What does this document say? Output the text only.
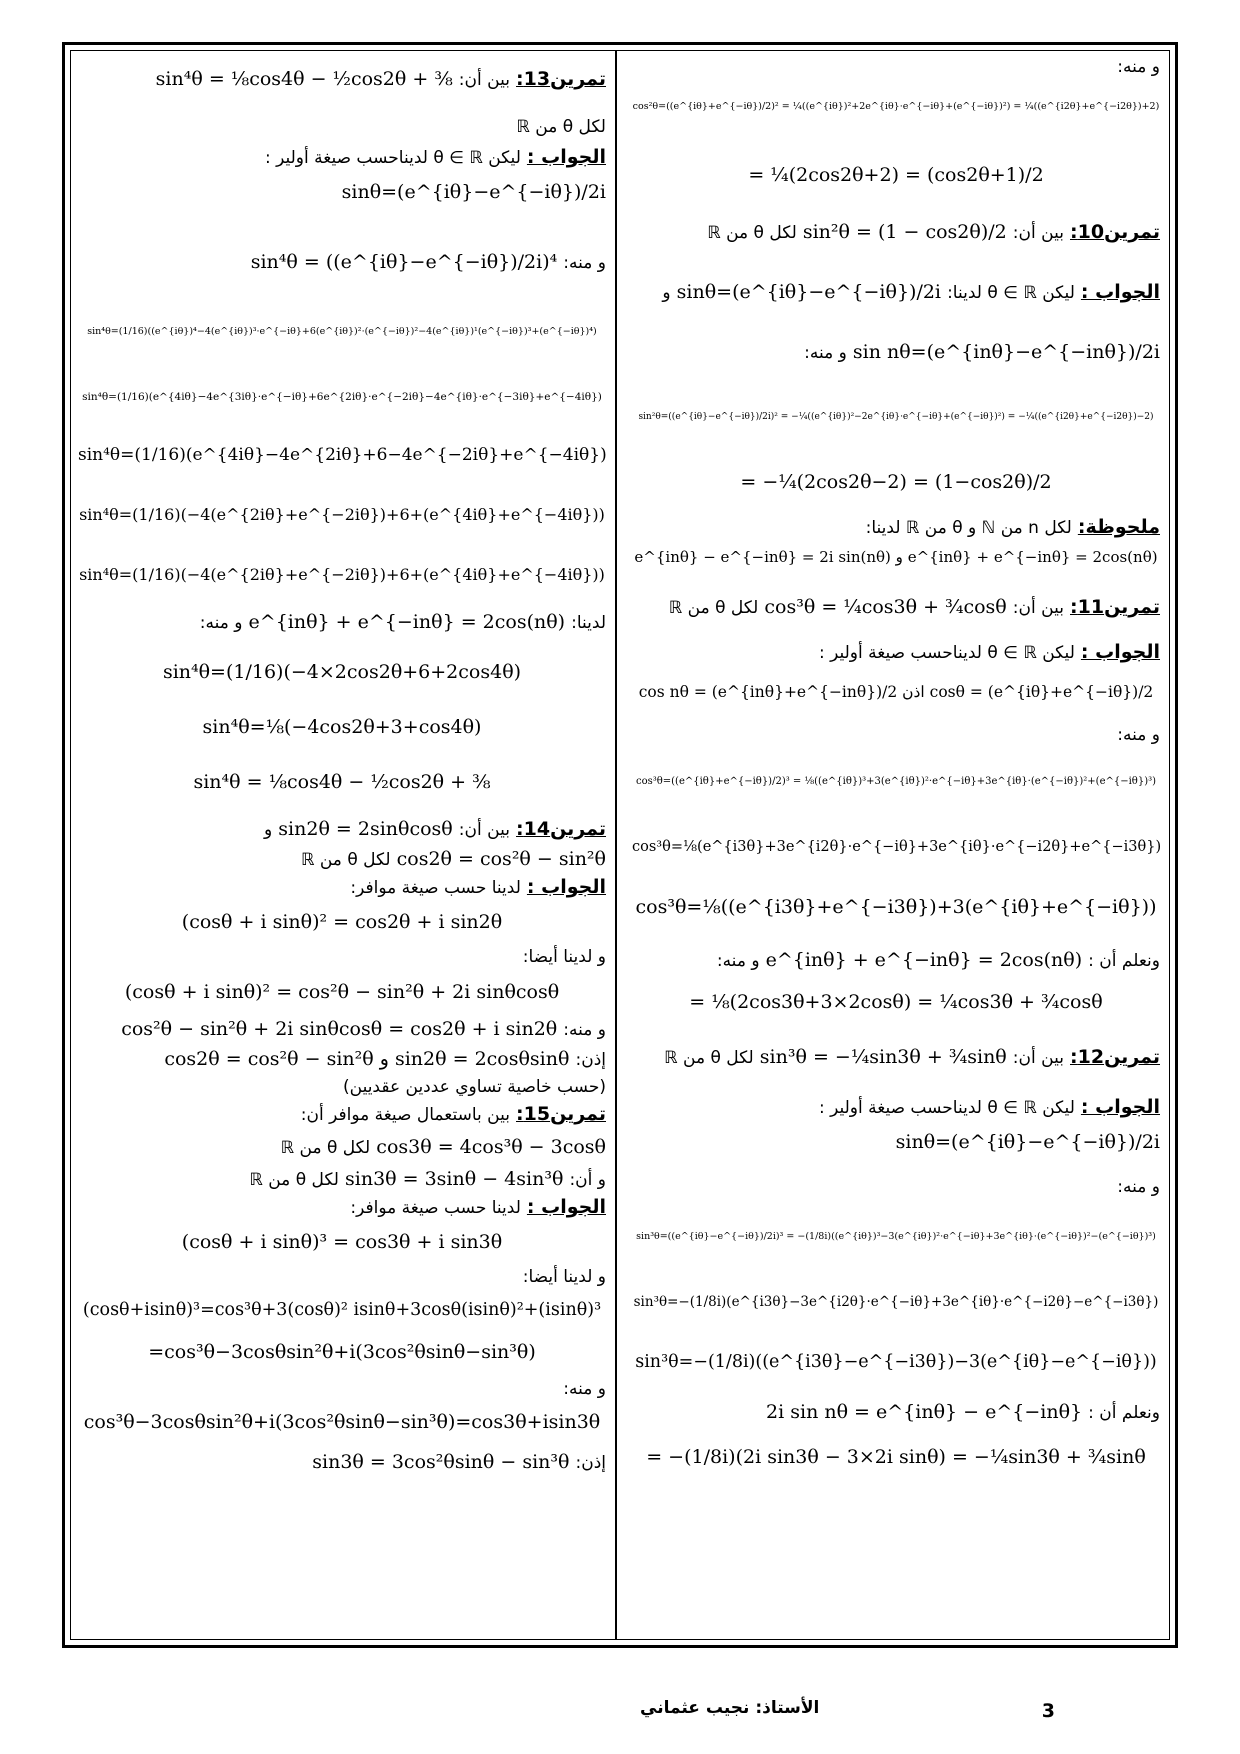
و منه:
cos²θ=((e^{iθ}+e^{−iθ})/2)² = ¼((e^{iθ})²+2e^{iθ}·e^{−iθ}+(e^{−iθ})²) = ¼((e^{i2θ}+e^{−i2θ})+2)
= ¼(2cos2θ+2) = (cos2θ+1)/2
تمرين10: بين أن: sin²θ = (1 − cos2θ)/2 لكل θ من ℝ
الجواب : ليكن θ ∈ ℝ لدينا: sinθ=(e^{iθ}−e^{−iθ})/2i و
sin nθ=(e^{inθ}−e^{−inθ})/2i و منه:
sin²θ=((e^{iθ}−e^{−iθ})/2i)² = −¼((e^{iθ})²−2e^{iθ}·e^{−iθ}+(e^{−iθ})²) = −¼((e^{i2θ}+e^{−i2θ})−2)
= −¼(2cos2θ−2) = (1−cos2θ)/2
ملحوظة: لكل n من ℕ و θ من ℝ لدينا:
e^{inθ} − e^{−inθ} = 2i sin(nθ) و e^{inθ} + e^{−inθ} = 2cos(nθ)
تمرين11: بين أن: cos³θ = ¼cos3θ + ¾cosθ لكل θ من ℝ
الجواب : ليكن θ ∈ ℝ لديناحسب صيغة أولير :
cos nθ = (e^{inθ}+e^{−inθ})/2 اذن cosθ = (e^{iθ}+e^{−iθ})/2
و منه:
cos³θ=((e^{iθ}+e^{−iθ})/2)³ = ⅛((e^{iθ})³+3(e^{iθ})²·e^{−iθ}+3e^{iθ}·(e^{−iθ})²+(e^{−iθ})³)
cos³θ=⅛(e^{i3θ}+3e^{i2θ}·e^{−iθ}+3e^{iθ}·e^{−i2θ}+e^{−i3θ})
cos³θ=⅛((e^{i3θ}+e^{−i3θ})+3(e^{iθ}+e^{−iθ}))
ونعلم أن : e^{inθ} + e^{−inθ} = 2cos(nθ) و منه:
= ⅛(2cos3θ+3×2cosθ) = ¼cos3θ + ¾cosθ
تمرين12: بين أن: sin³θ = −¼sin3θ + ¾sinθ لكل θ من ℝ
الجواب : ليكن θ ∈ ℝ لديناحسب صيغة أولير :
sinθ=(e^{iθ}−e^{−iθ})/2i
و منه:
sin³θ=((e^{iθ}−e^{−iθ})/2i)³ = −(1/8i)((e^{iθ})³−3(e^{iθ})²·e^{−iθ}+3e^{iθ}·(e^{−iθ})²−(e^{−iθ})³)
sin³θ=−(1/8i)(e^{i3θ}−3e^{i2θ}·e^{−iθ}+3e^{iθ}·e^{−i2θ}−e^{−i3θ})
sin³θ=−(1/8i)((e^{i3θ}−e^{−i3θ})−3(e^{iθ}−e^{−iθ}))
ونعلم أن : 2i sin nθ = e^{inθ} − e^{−inθ}
= −(1/8i)(2i sin3θ − 3×2i sinθ) = −¼sin3θ + ¾sinθ
تمرين13: بين أن: sin⁴θ = ⅛cos4θ − ½cos2θ + ⅜
لكل θ من ℝ
الجواب : ليكن θ ∈ ℝ لديناحسب صيغة أولير :
sinθ=(e^{iθ}−e^{−iθ})/2i
و منه: sin⁴θ = ((e^{iθ}−e^{−iθ})/2i)⁴
sin⁴θ=(1/16)((e^{iθ})⁴−4(e^{iθ})³·e^{−iθ}+6(e^{iθ})²·(e^{−iθ})²−4(e^{iθ})¹(e^{−iθ})³+(e^{−iθ})⁴)
sin⁴θ=(1/16)(e^{4iθ}−4e^{3iθ}·e^{−iθ}+6e^{2iθ}·e^{−2iθ}−4e^{iθ}·e^{−3iθ}+e^{−4iθ})
sin⁴θ=(1/16)(e^{4iθ}−4e^{2iθ}+6−4e^{−2iθ}+e^{−4iθ})
sin⁴θ=(1/16)(−4(e^{2iθ}+e^{−2iθ})+6+(e^{4iθ}+e^{−4iθ}))
sin⁴θ=(1/16)(−4(e^{2iθ}+e^{−2iθ})+6+(e^{4iθ}+e^{−4iθ}))
لدينا: e^{inθ} + e^{−inθ} = 2cos(nθ) و منه:
sin⁴θ=(1/16)(−4×2cos2θ+6+2cos4θ)
sin⁴θ=⅛(−4cos2θ+3+cos4θ)
sin⁴θ = ⅛cos4θ − ½cos2θ + ⅜
تمرين14: بين أن: sin2θ = 2sinθcosθ و
cos2θ = cos²θ − sin²θ لكل θ من ℝ
الجواب : لدينا حسب صيغة موافر:
(cosθ + i sinθ)² = cos2θ + i sin2θ
و لدينا أيضا:
(cosθ + i sinθ)² = cos²θ − sin²θ + 2i sinθcosθ
و منه: cos²θ − sin²θ + 2i sinθcosθ = cos2θ + i sin2θ
إذن: cos2θ = cos²θ − sin²θ و sin2θ = 2cosθsinθ
(حسب خاصية تساوي عددين عقديين)
تمرين15: بين باستعمال صيغة موافر أن:
cos3θ = 4cos³θ − 3cosθ لكل θ من ℝ
و أن: sin3θ = 3sinθ − 4sin³θ لكل θ من ℝ
الجواب : لدينا حسب صيغة موافر:
(cosθ + i sinθ)³ = cos3θ + i sin3θ
و لدينا أيضا:
(cosθ+isinθ)³=cos³θ+3(cosθ)² isinθ+3cosθ(isinθ)²+(isinθ)³
=cos³θ−3cosθsin²θ+i(3cos²θsinθ−sin³θ)
و منه:
cos³θ−3cosθsin²θ+i(3cos²θsinθ−sin³θ)=cos3θ+isin3θ
إذن: sin3θ = 3cos²θsinθ − sin³θ
3
الأستاذ: نجيب عثماني
